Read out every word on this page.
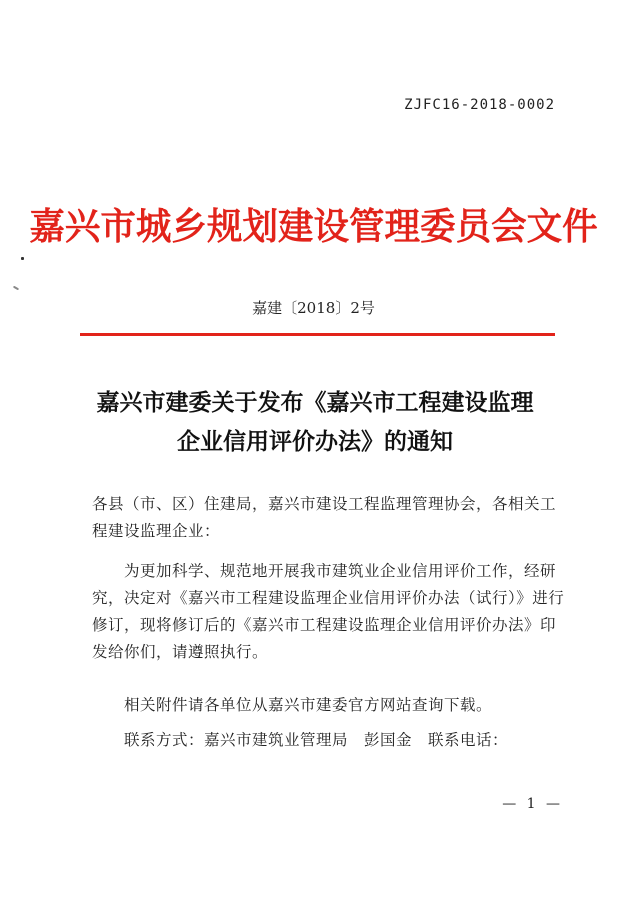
ZJFC16-2018-0002
嘉兴市城乡规划建设管理委员会文件
嘉建〔2018〕2号
嘉兴市建委关于发布《嘉兴市工程建设监理
企业信用评价办法》的通知
各县（市、区）住建局，嘉兴市建设工程监理管理协会，各相关工程建设监理企业：
为更加科学、规范地开展我市建筑业企业信用评价工作，经研究，决定对《嘉兴市工程建设监理企业信用评价办法（试行）》进行修订，现将修订后的《嘉兴市工程建设监理企业信用评价办法》印发给你们，请遵照执行。
相关附件请各单位从嘉兴市建委官方网站查询下载。
联系方式：嘉兴市建筑业管理局　彭国金　联系电话：
— 1 —
